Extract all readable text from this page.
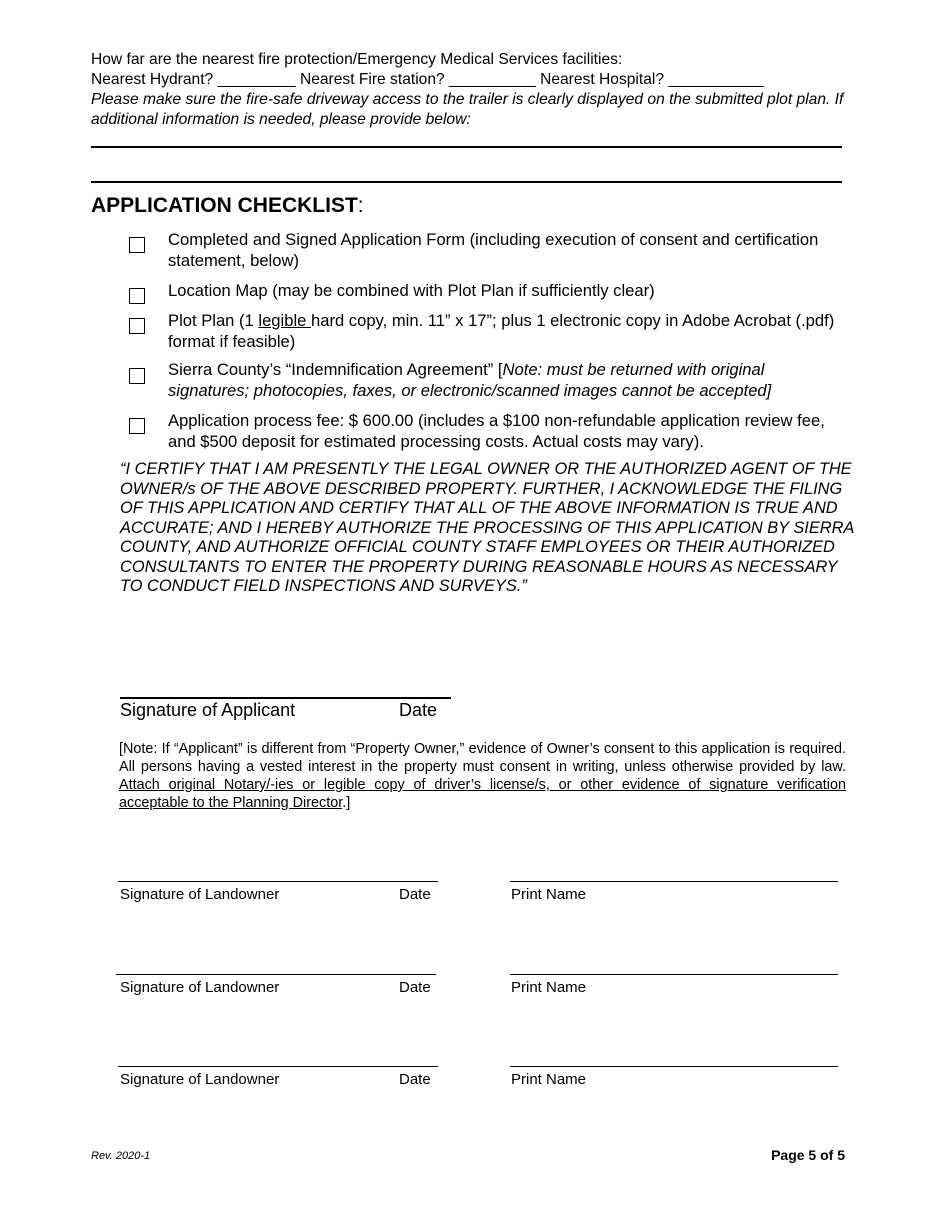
How far are the nearest fire protection/Emergency Medical Services facilities:
Nearest Hydrant? _________ Nearest Fire station? __________ Nearest Hospital? ___________
Please make sure the fire-safe driveway access to the trailer is clearly displayed on the submitted plot plan. If additional information is needed, please provide below:
APPLICATION CHECKLIST:
Completed and Signed Application Form (including execution of consent and certification statement, below)
Location Map (may be combined with Plot Plan if sufficiently clear)
Plot Plan (1 legible hard copy, min. 11” x 17”; plus 1 electronic copy in Adobe Acrobat (.pdf) format if feasible)
Sierra County’s “Indemnification Agreement” [Note: must be returned with original signatures; photocopies, faxes, or electronic/scanned images cannot be accepted]
Application process fee: $ 600.00 (includes a $100 non-refundable application review fee, and $500 deposit for estimated processing costs. Actual costs may vary).
“I CERTIFY THAT I AM PRESENTLY THE LEGAL OWNER OR THE AUTHORIZED AGENT OF THE OWNER/s OF THE ABOVE DESCRIBED PROPERTY. FURTHER, I ACKNOWLEDGE THE FILING OF THIS APPLICATION AND CERTIFY THAT ALL OF THE ABOVE INFORMATION IS TRUE AND ACCURATE; AND I HEREBY AUTHORIZE THE PROCESSING OF THIS APPLICATION BY SIERRA COUNTY, AND AUTHORIZE OFFICIAL COUNTY STAFF EMPLOYEES OR THEIR AUTHORIZED CONSULTANTS TO ENTER THE PROPERTY DURING REASONABLE HOURS AS NECESSARY TO CONDUCT FIELD INSPECTIONS AND SURVEYS.”
Signature of Applicant	Date
[Note: If “Applicant” is different from “Property Owner,” evidence of Owner’s consent to this application is required. All persons having a vested interest in the property must consent in writing, unless otherwise provided by law. Attach original Notary/-ies or legible copy of driver’s license/s, or other evidence of signature verification acceptable to the Planning Director.]
Signature of Landowner	Date	Print Name
Signature of Landowner	Date	Print Name
Signature of Landowner	Date	Print Name
Rev. 2020-1	Page 5 of 5
